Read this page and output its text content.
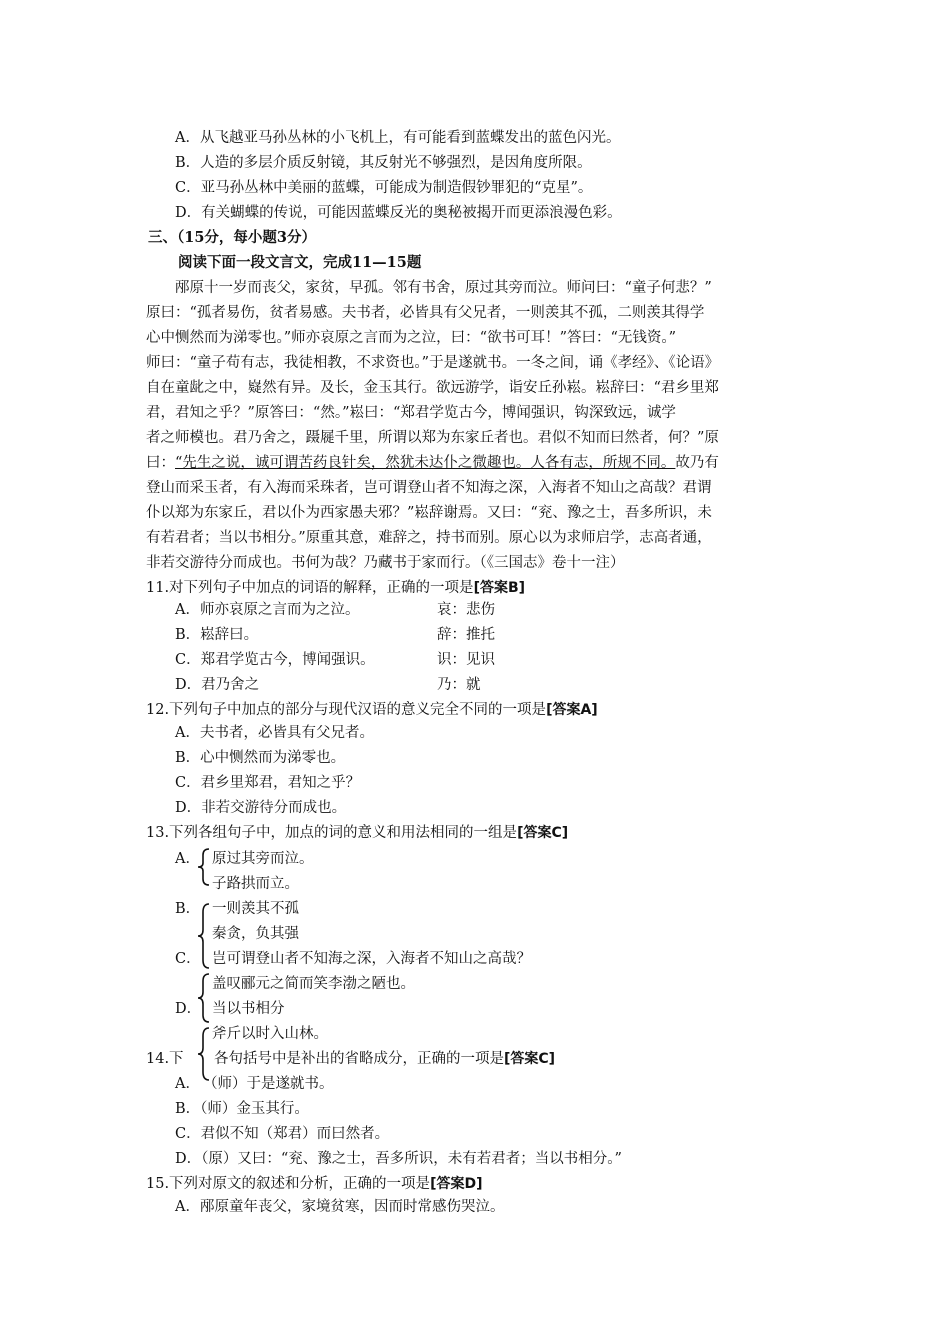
A．从飞越亚马孙丛林的小飞机上，有可能看到蓝蝶发出的蓝色闪光。
B．人造的多层介质反射镜，其反射光不够强烈，是因角度所限。
C．亚马孙丛林中美丽的蓝蝶，可能成为制造假钞罪犯的“克星”。
D．有关蝴蝶的传说，可能因蓝蝶反光的奥秘被揭开而更添浪漫色彩。
三、（15分，每小题3分）
阅读下面一段文言文，完成11—15题
邴原十一岁而丧父，家贫，早孤。邻有书舍，原过其旁而泣。师问曰：“童子何悲？”
原曰：“孤者易伤，贫者易感。夫书者，必皆具有父兄者，一则羡其不孤，二则羡其得学
心中恻然而为涕零也。”师亦哀原之言而为之泣，曰：“欲书可耳！”答曰：“无钱资。”
师曰：“童子苟有志，我徒相教，不求资也。”于是遂就书。一冬之间，诵《孝经》、《论语》
自在童龀之中，嶷然有异。及长，金玉其行。欲远游学，诣安丘孙崧。崧辞曰：“君乡里郑
君，君知之乎？”原答曰：“然。”崧曰：“郑君学览古今，博闻强识，钩深致远，诚学
者之师模也。君乃舍之，蹑屣千里，所谓以郑为东家丘者也。君似不知而曰然者，何？”原
曰：“先生之说，诚可谓苦药良针矣，然犹未达仆之微趣也。人各有志，所规不同。故乃有
登山而采玉者，有入海而采珠者，岂可谓登山者不知海之深，入海者不知山之高哉？君谓
仆以郑为东家丘，君以仆为西家愚夫邪？”崧辞谢焉。又曰：“兖、豫之士，吾多所识，未
有若君者；当以书相分。”原重其意，难辞之，持书而别。原心以为求师启学，志高者通，
非若交游待分而成也。书何为哉？乃藏书于家而行。（《三国志》卷十一注）
11.对下列句子中加点的词语的解释，正确的一项是[答案B]
A．师亦哀原之言而为之泣。	哀：悲伤
B．崧辞曰。	辞：推托
C．郑君学览古今，博闻强识。	识：见识
D．君乃舍之	乃：就
12.下列句子中加点的部分与现代汉语的意义完全不同的一项是[答案A]
A．夫书者，必皆具有父兄者。
B．心中恻然而为涕零也。
C．君乡里郑君，君知之乎？
D．非若交游待分而成也。
13.下列各组句子中，加点的词的意义和用法相同的一组是[答案C]
A． 原过其旁而泣。
子路拱而立。
B． 一则羡其不孤
秦贪，负其强
C． 岂可谓登山者不知海之深，入海者不知山之高哉？
盖叹郦元之简而笑李渤之陋也。
D． 当以书相分
斧斤以时入山林。
14.下 各句括号中是补出的省略成分，正确的一项是[答案C]
A． （师）于是遂就书。
B．（师）金玉其行。
C．君似不知（郑君）而曰然者。
D．（原）又曰：“兖、豫之士，吾多所识，未有若君者；当以书相分。”
15.下列对原文的叙述和分析，正确的一项是[答案D]
A．邴原童年丧父，家境贫寒，因而时常感伤哭泣。
